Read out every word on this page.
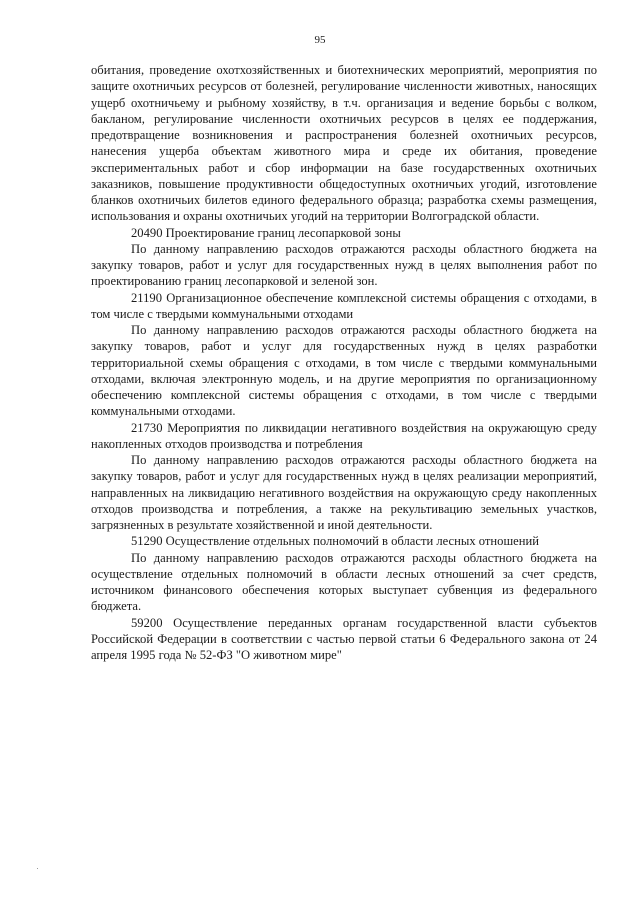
95

обитания, проведение охотхозяйственных и биотехнических мероприятий, мероприятия по защите охотничьих ресурсов от болезней, регулирование численности животных, наносящих ущерб охотничьему и рыбному хозяйству, в т.ч. организация и ведение борьбы с волком, бакланом, регулирование численности охотничьих ресурсов в целях ее поддержания, предотвращение возникновения и распространения болезней охотничьих ресурсов, нанесения ущерба объектам животного мира и среде их обитания, проведение экспериментальных работ и сбор информации на базе государственных охотничьих заказников, повышение продуктивности общедоступных охотничьих угодий, изготовление бланков охотничьих билетов единого федерального образца; разработка схемы размещения, использования и охраны охотничьих угодий на территории Волгоградской области.

20490 Проектирование границ лесопарковой зоны

По данному направлению расходов отражаются расходы областного бюджета на закупку товаров, работ и услуг для государственных нужд в целях выполнения работ по проектированию границ лесопарковой и зеленой зон.

21190 Организационное обеспечение комплексной системы обращения с отходами, в том числе с твердыми коммунальными отходами

По данному направлению расходов отражаются расходы областного бюджета на закупку товаров, работ и услуг для государственных нужд в целях разработки территориальной схемы обращения с отходами, в том числе с твердыми коммунальными отходами, включая электронную модель, и на другие мероприятия по организационному обеспечению комплексной системы обращения с отходами, в том числе с твердыми коммунальными отходами.

21730 Мероприятия по ликвидации негативного воздействия на окружающую среду накопленных отходов производства и потребления

По данному направлению расходов отражаются расходы областного бюджета на закупку товаров, работ и услуг для государственных нужд в целях реализации мероприятий, направленных на ликвидацию негативного воздействия на окружающую среду накопленных отходов производства и потребления, а также на рекультивацию земельных участков, загрязненных в результате хозяйственной и иной деятельности.

51290 Осуществление отдельных полномочий в области лесных отношений

По данному направлению расходов отражаются расходы областного бюджета на осуществление отдельных полномочий в области лесных отношений за счет средств, источником финансового обеспечения которых выступает субвенция из федерального бюджета.

59200 Осуществление переданных органам государственной власти субъектов Российской Федерации в соответствии с частью первой статьи 6 Федерального закона от 24 апреля 1995 года № 52-ФЗ "О животном мире"
